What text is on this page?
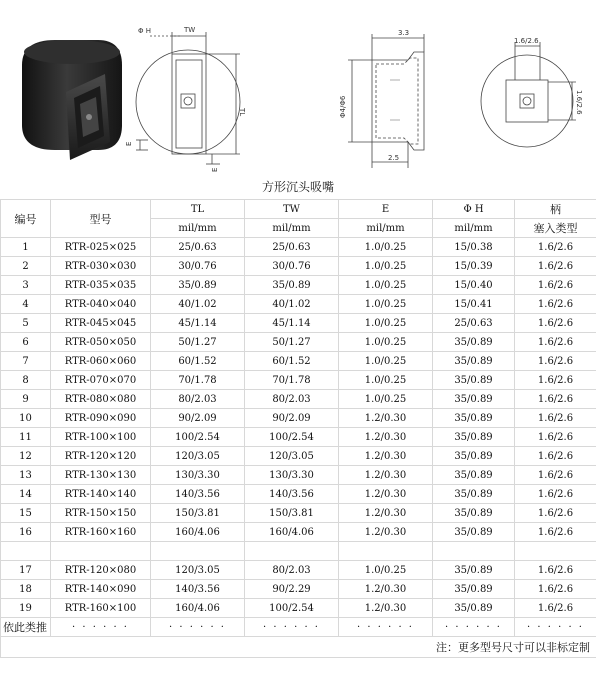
Φ H	TW
TL
E
E
3.3
2.5
Φ4/Φ6
1.6/2.6
1.6/2.6
方形沉头吸嘴
编号	型号	TL	TW	E	Φ H	柄
		mil/mm	mil/mm	mil/mm	mil/mm	塞入类型
1	RTR-025×025	25/0.63	25/0.63	1.0/0.25	15/0.38	1.6/2.6
2	RTR-030×030	30/0.76	30/0.76	1.0/0.25	15/0.39	1.6/2.6
3	RTR-035×035	35/0.89	35/0.89	1.0/0.25	15/0.40	1.6/2.6
4	RTR-040×040	40/1.02	40/1.02	1.0/0.25	15/0.41	1.6/2.6
5	RTR-045×045	45/1.14	45/1.14	1.0/0.25	25/0.63	1.6/2.6
6	RTR-050×050	50/1.27	50/1.27	1.0/0.25	35/0.89	1.6/2.6
7	RTR-060×060	60/1.52	60/1.52	1.0/0.25	35/0.89	1.6/2.6
8	RTR-070×070	70/1.78	70/1.78	1.0/0.25	35/0.89	1.6/2.6
9	RTR-080×080	80/2.03	80/2.03	1.0/0.25	35/0.89	1.6/2.6
10	RTR-090×090	90/2.09	90/2.09	1.2/0.30	35/0.89	1.6/2.6
11	RTR-100×100	100/2.54	100/2.54	1.2/0.30	35/0.89	1.6/2.6
12	RTR-120×120	120/3.05	120/3.05	1.2/0.30	35/0.89	1.6/2.6
13	RTR-130×130	130/3.30	130/3.30	1.2/0.30	35/0.89	1.6/2.6
14	RTR-140×140	140/3.56	140/3.56	1.2/0.30	35/0.89	1.6/2.6
15	RTR-150×150	150/3.81	150/3.81	1.2/0.30	35/0.89	1.6/2.6
16	RTR-160×160	160/4.06	160/4.06	1.2/0.30	35/0.89	1.6/2.6

17	RTR-120×080	120/3.05	80/2.03	1.0/0.25	35/0.89	1.6/2.6
18	RTR-140×090	140/3.56	90/2.29	1.2/0.30	35/0.89	1.6/2.6
19	RTR-160×100	160/4.06	100/2.54	1.2/0.30	35/0.89	1.6/2.6
依此类推	· · · · · ·	· · · · · ·	· · · · · ·	· · · · · ·	· · · · · ·	· · · · · ·
注：更多型号尺寸可以非标定制						
